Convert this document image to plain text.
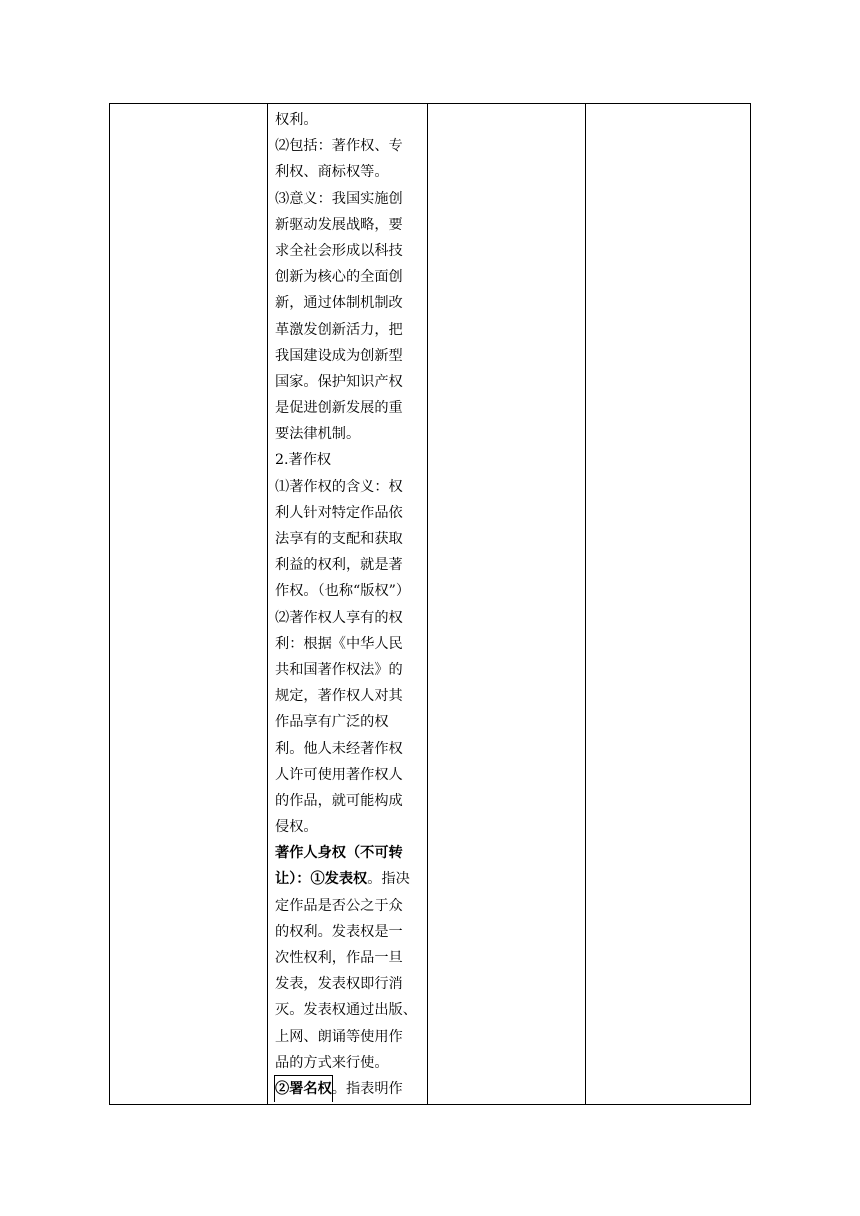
权利。
⑵包括：著作权、专
利权、商标权等。
⑶意义：我国实施创
新驱动发展战略，要
求全社会形成以科技
创新为核心的全面创
新，通过体制机制改
革激发创新活力，把
我国建设成为创新型
国家。保护知识产权
是促进创新发展的重
要法律机制。
2.著作权
⑴著作权的含义：权
利人针对特定作品依
法享有的支配和获取
利益的权利，就是著
作权。（也称“版权”）
⑵著作权人享有的权
利：根据《中华人民
共和国著作权法》的
规定，著作权人对其
作品享有广泛的权
利。他人未经著作权
人许可使用著作权人
的作品，就可能构成
侵权。
著作人身权（不可转
让）：①发表权。指决
定作品是否公之于众
的权利。发表权是一
次性权利，作品一旦
发表，发表权即行消
灭。发表权通过出版、
上网、朗诵等使用作
品的方式来行使。
②署名权。指表明作
